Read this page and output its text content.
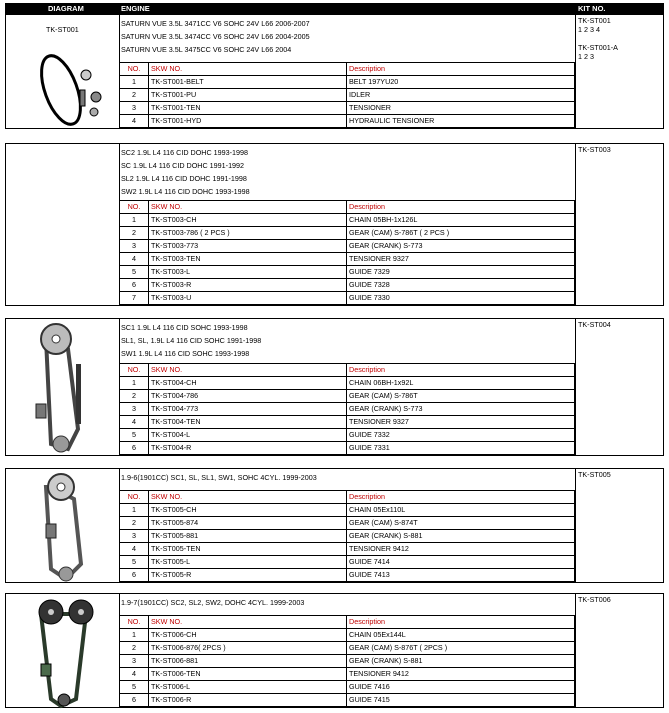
DIAGRAM	ENGINE	KIT NO.
TK-ST001
SATURN VUE 3.5L 3471CC V6 SOHC 24V L66 2006-2007
SATURN VUE 3.5L 3474CC V6 SOHC 24V L66 2004-2005
SATURN VUE 3.5L 3475CC V6 SOHC 24V L66 2004
TK-ST001
1 2 3 4

TK-ST001-A
1 2 3
NO.	SKW NO.	Description
1	TK-ST001-BELT	BELT 197YU20
2	TK-ST001-PU	IDLER
3	TK-ST001-TEN	TENSIONER
4	TK-ST001-HYD	HYDRAULIC TENSIONER
SC2 1.9L L4 116 CID DOHC 1993-1998
SC 1.9L L4 116 CID DOHC 1991-1992
SL2 1.9L L4 116 CID DOHC 1991-1998
SW2 1.9L L4 116 CID DOHC 1993-1998
TK-ST003
NO.	SKW NO.	Description
1	TK-ST003-CH	CHAIN 05BH-1x126L
2	TK-ST003-786 ( 2 PCS )	GEAR (CAM) S-786T ( 2 PCS )
3	TK-ST003-773	GEAR (CRANK) S-773
4	TK-ST003-TEN	TENSIONER 9327
5	TK-ST003-L	GUIDE 7329
6	TK-ST003-R	GUIDE 7328
7	TK-ST003-U	GUIDE 7330
SC1 1.9L L4 116 CID SOHC 1993-1998
SL1, SL, 1.9L L4 116 CID SOHC 1991-1998
SW1 1.9L L4 116 CID SOHC 1993-1998
TK-ST004
NO.	SKW NO.	Description
1	TK-ST004-CH	CHAIN 06BH-1x92L
2	TK-ST004-786	GEAR (CAM) S-786T
3	TK-ST004-773	GEAR (CRANK) S-773
4	TK-ST004-TEN	TENSIONER 9327
5	TK-ST004-L	GUIDE 7332
6	TK-ST004-R	GUIDE 7331
1.9-6(1901CC) SC1, SL, SL1, SW1, SOHC 4CYL. 1999-2003	TK-ST005
NO.	SKW NO.	Description
1	TK-ST005-CH	CHAIN 05Ex110L
2	TK-ST005-874	GEAR (CAM) S-874T
3	TK-ST005-881	GEAR (CRANK) S-881
4	TK-ST005-TEN	TENSIONER 9412
5	TK-ST005-L	GUIDE 7414
6	TK-ST005-R	GUIDE 7413
1.9-7(1901CC) SC2, SL2, SW2, DOHC 4CYL. 1999-2003	TK-ST006
NO.	SKW NO.	Description
1	TK-ST006-CH	CHAIN 05Ex144L
2	TK-ST006-876( 2PCS )	GEAR (CAM) S-876T ( 2PCS )
3	TK-ST006-881	GEAR (CRANK) S-881
4	TK-ST006-TEN	TENSIONER 9412
5	TK-ST006-L	GUIDE 7416
6	TK-ST006-R	GUIDE 7415
